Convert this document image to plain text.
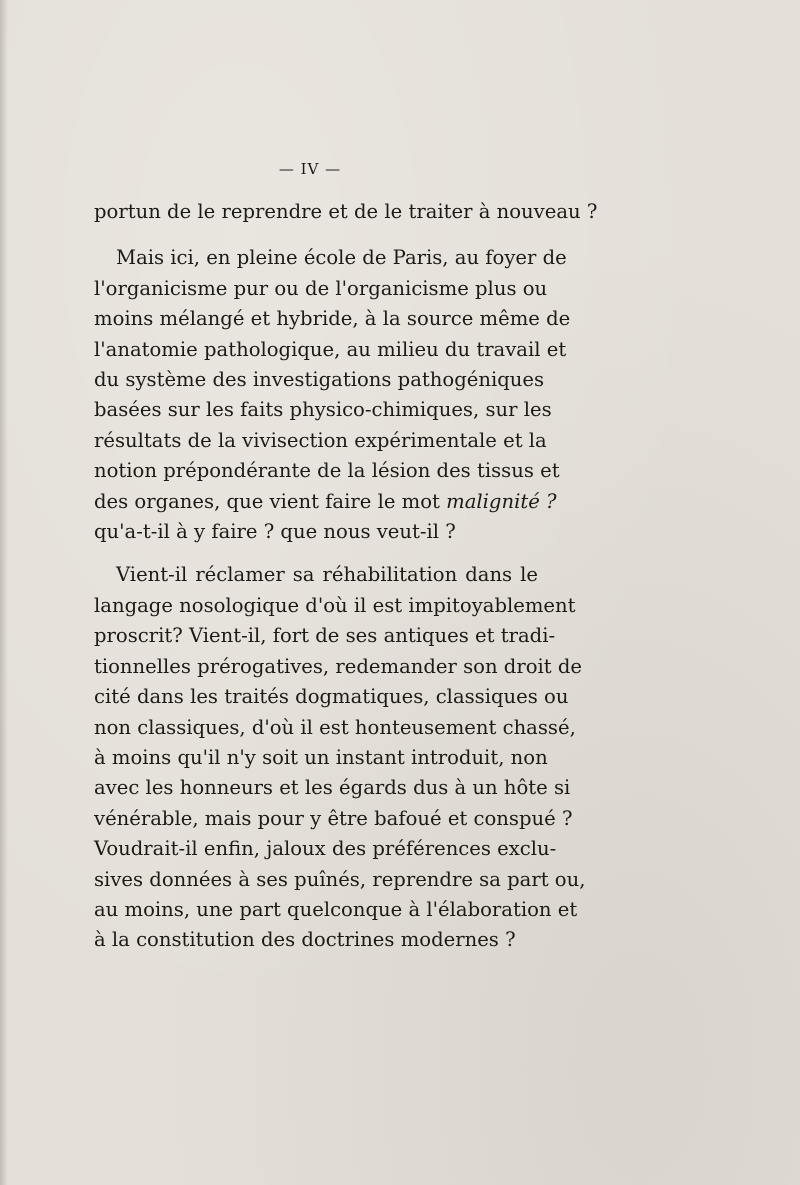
— IV —
portun de le reprendre et de le traiter à nouveau ?
Mais ici, en pleine école de Paris, au foyer de
l'organicisme pur ou de l'organicisme plus ou
moins mélangé et hybride, à la source même de
l'anatomie pathologique, au milieu du travail et
du système des investigations pathogéniques
basées sur les faits physico-chimiques, sur les
résultats de la vivisection expérimentale et la
notion prépondérante de la lésion des tissus et
des organes, que vient faire le mot malignité ?
qu'a-t-il à y faire ? que nous veut-il ?
Vient-il réclamer sa réhabilitation dans le
langage nosologique d'où il est impitoyablement
proscrit? Vient-il, fort de ses antiques et tradi-
tionnelles prérogatives, redemander son droit de
cité dans les traités dogmatiques, classiques ou
non classiques, d'où il est honteusement chassé,
à moins qu'il n'y soit un instant introduit, non
avec les honneurs et les égards dus à un hôte si
vénérable, mais pour y être bafoué et conspué ?
Voudrait-il enfin, jaloux des préférences exclu-
sives données à ses puînés, reprendre sa part ou,
au moins, une part quelconque à l'élaboration et
à la constitution des doctrines modernes ?
